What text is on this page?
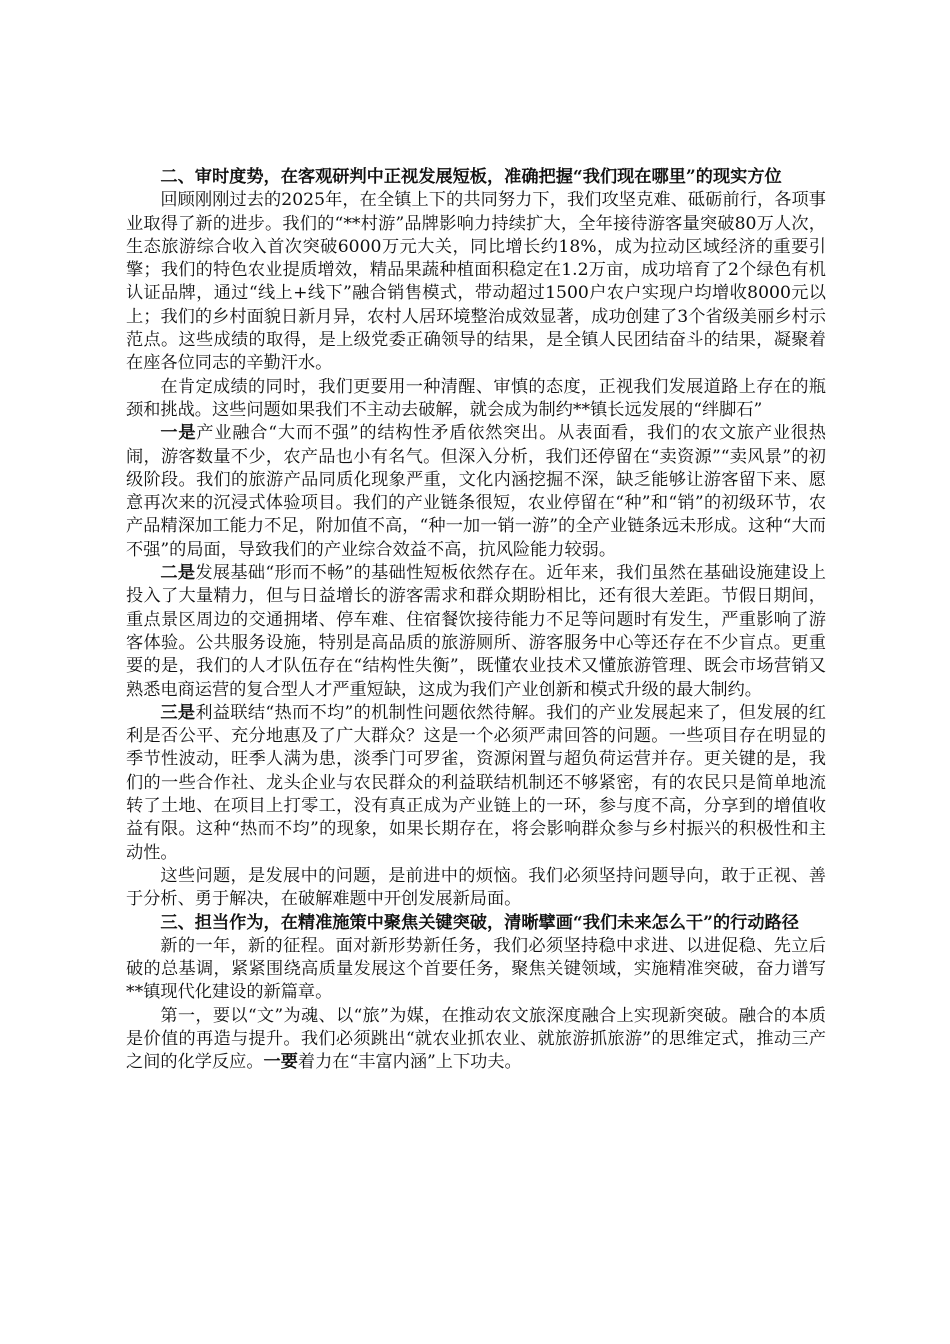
二、审时度势，在客观研判中正视发展短板，准确把握“我们现在哪里”的现实方位

回顾刚刚过去的2025年，在全镇上下的共同努力下，我们攻坚克难、砥砺前行，各项事业取得了新的进步。我们的“**村游”品牌影响力持续扩大，全年接待游客量突破80万人次，生态旅游综合收入首次突破6000万元大关，同比增长约18%，成为拉动区域经济的重要引擎；我们的特色农业提质增效，精品果蔬种植面积稳定在1.2万亩，成功培育了2个绿色有机认证品牌，通过“线上+线下”融合销售模式，带动超过1500户农户实现户均增收8000元以上；我们的乡村面貌日新月异，农村人居环境整治成效显著，成功创建了3个省级美丽乡村示范点。这些成绩的取得，是上级党委正确领导的结果，是全镇人民团结奋斗的结果，凝聚着在座各位同志的辛勤汗水。

在肯定成绩的同时，我们更要用一种清醒、审慎的态度，正视我们发展道路上存在的瓶颈和挑战。这些问题如果我们不主动去破解，就会成为制约**镇长远发展的“绊脚石”

一是产业融合“大而不强”的结构性矛盾依然突出。从表面看，我们的农文旅产业很热闹，游客数量不少，农产品也小有名气。但深入分析，我们还停留在“卖资源”“卖风景”的初级阶段。我们的旅游产品同质化现象严重，文化内涵挖掘不深，缺乏能够让游客留下来、愿意再次来的沉浸式体验项目。我们的产业链条很短，农业停留在“种”和“销”的初级环节，农产品精深加工能力不足，附加值不高，“种一加一销一游”的全产业链条远未形成。这种“大而不强”的局面，导致我们的产业综合效益不高，抗风险能力较弱。

二是发展基础“形而不畅”的基础性短板依然存在。近年来，我们虽然在基础设施建设上投入了大量精力，但与日益增长的游客需求和群众期盼相比，还有很大差距。节假日期间，重点景区周边的交通拥堵、停车难、住宿餐饮接待能力不足等问题时有发生，严重影响了游客体验。公共服务设施，特别是高品质的旅游厕所、游客服务中心等还存在不少盲点。更重要的是，我们的人才队伍存在“结构性失衡”，既懂农业技术又懂旅游管理、既会市场营销又熟悉电商运营的复合型人才严重短缺，这成为我们产业创新和模式升级的最大制约。

三是利益联结“热而不均”的机制性问题依然待解。我们的产业发展起来了，但发展的红利是否公平、充分地惠及了广大群众？这是一个必须严肃回答的问题。一些项目存在明显的季节性波动，旺季人满为患，淡季门可罗雀，资源闲置与超负荷运营并存。更关键的是，我们的一些合作社、龙头企业与农民群众的利益联结机制还不够紧密，有的农民只是简单地流转了土地、在项目上打零工，没有真正成为产业链上的一环，参与度不高，分享到的增值收益有限。这种“热而不均”的现象，如果长期存在，将会影响群众参与乡村振兴的积极性和主动性。

这些问题，是发展中的问题，是前进中的烦恼。我们必须坚持问题导向，敢于正视、善于分析、勇于解决，在破解难题中开创发展新局面。

三、担当作为，在精准施策中聚焦关键突破，清晰擘画“我们未来怎么干”的行动路径

新的一年，新的征程。面对新形势新任务，我们必须坚持稳中求进、以进促稳、先立后破的总基调，紧紧围绕高质量发展这个首要任务，聚焦关键领域，实施精准突破，奋力谱写**镇现代化建设的新篇章。

第一，要以“文”为魂、以“旅”为媒，在推动农文旅深度融合上实现新突破。融合的本质是价值的再造与提升。我们必须跳出“就农业抓农业、就旅游抓旅游”的思维定式，推动三产之间的化学反应。一要着力在“丰富内涵”上下功夫。
